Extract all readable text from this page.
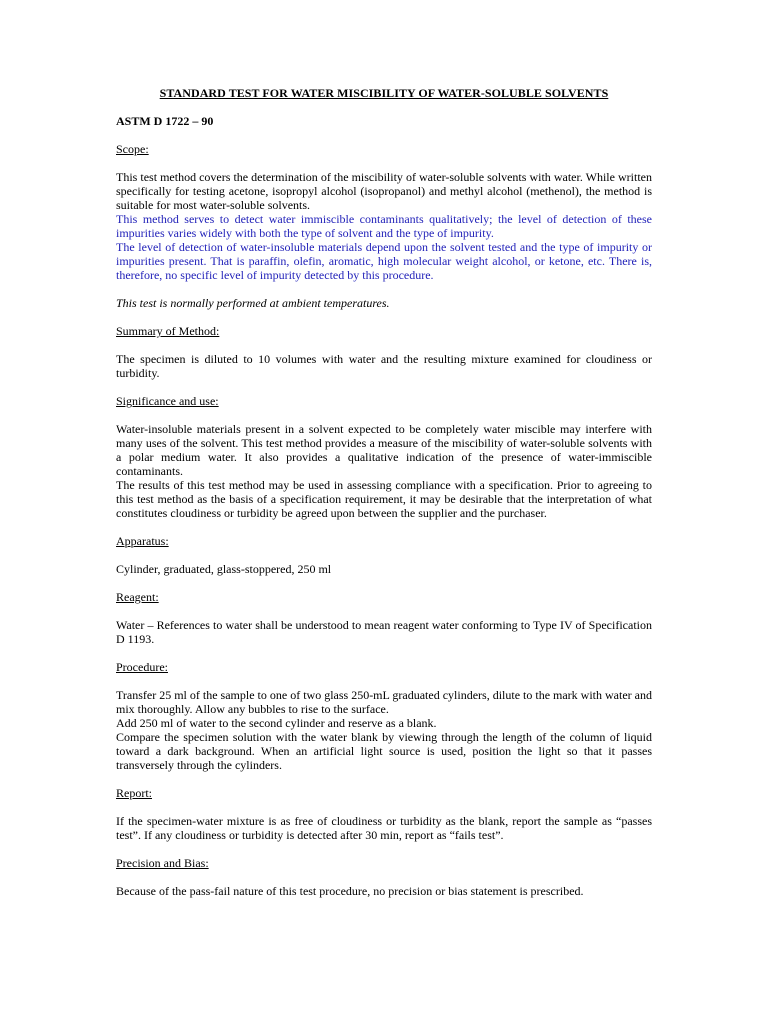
STANDARD TEST FOR WATER MISCIBILITY OF WATER-SOLUBLE SOLVENTS

ASTM D 1722 – 90

Scope:

This test method covers the determination of the miscibility of water-soluble solvents with water. While written specifically for testing acetone, isopropyl alcohol (isopropanol) and methyl alcohol (methenol), the method is suitable for most water-soluble solvents.

This method serves to detect water immiscible contaminants qualitatively; the level of detection of these impurities varies widely with both the type of solvent and the type of impurity.

The level of detection of water-insoluble materials depend upon the solvent tested and the type of impurity or impurities present. That is paraffin, olefin, aromatic, high molecular weight alcohol, or ketone, etc. There is, therefore, no specific level of impurity detected by this procedure.

This test is normally performed at ambient temperatures.

Summary of Method:

The specimen is diluted to 10 volumes with water and the resulting mixture examined for cloudiness or turbidity.

Significance and use:

Water-insoluble materials present in a solvent expected to be completely water miscible may interfere with many uses of the solvent. This test method provides a measure of the miscibility of water-soluble solvents with a polar medium water. It also provides a qualitative indication of the presence of water-immiscible contaminants.

The results of this test method may be used in assessing compliance with a specification. Prior to agreeing to this test method as the basis of a specification requirement, it may be desirable that the interpretation of what constitutes cloudiness or turbidity be agreed upon between the supplier and the purchaser.

Apparatus:

Cylinder, graduated, glass-stoppered, 250 ml

Reagent:

Water – References to water shall be understood to mean reagent water conforming to Type IV of Specification D 1193.

Procedure:

Transfer 25 ml of the sample to one of two glass 250-mL graduated cylinders, dilute to the mark with water and mix thoroughly. Allow any bubbles to rise to the surface.

Add 250 ml of water to the second cylinder and reserve as a blank.

Compare the specimen solution with the water blank by viewing through the length of the column of liquid toward a dark background. When an artificial light source is used, position the light so that it passes transversely through the cylinders.

Report:

If the specimen-water mixture is as free of cloudiness or turbidity as the blank, report the sample as “passes test”. If any cloudiness or turbidity is detected after 30 min, report as “fails test”.

Precision and Bias:

Because of the pass-fail nature of this test procedure, no precision or bias statement is prescribed.
